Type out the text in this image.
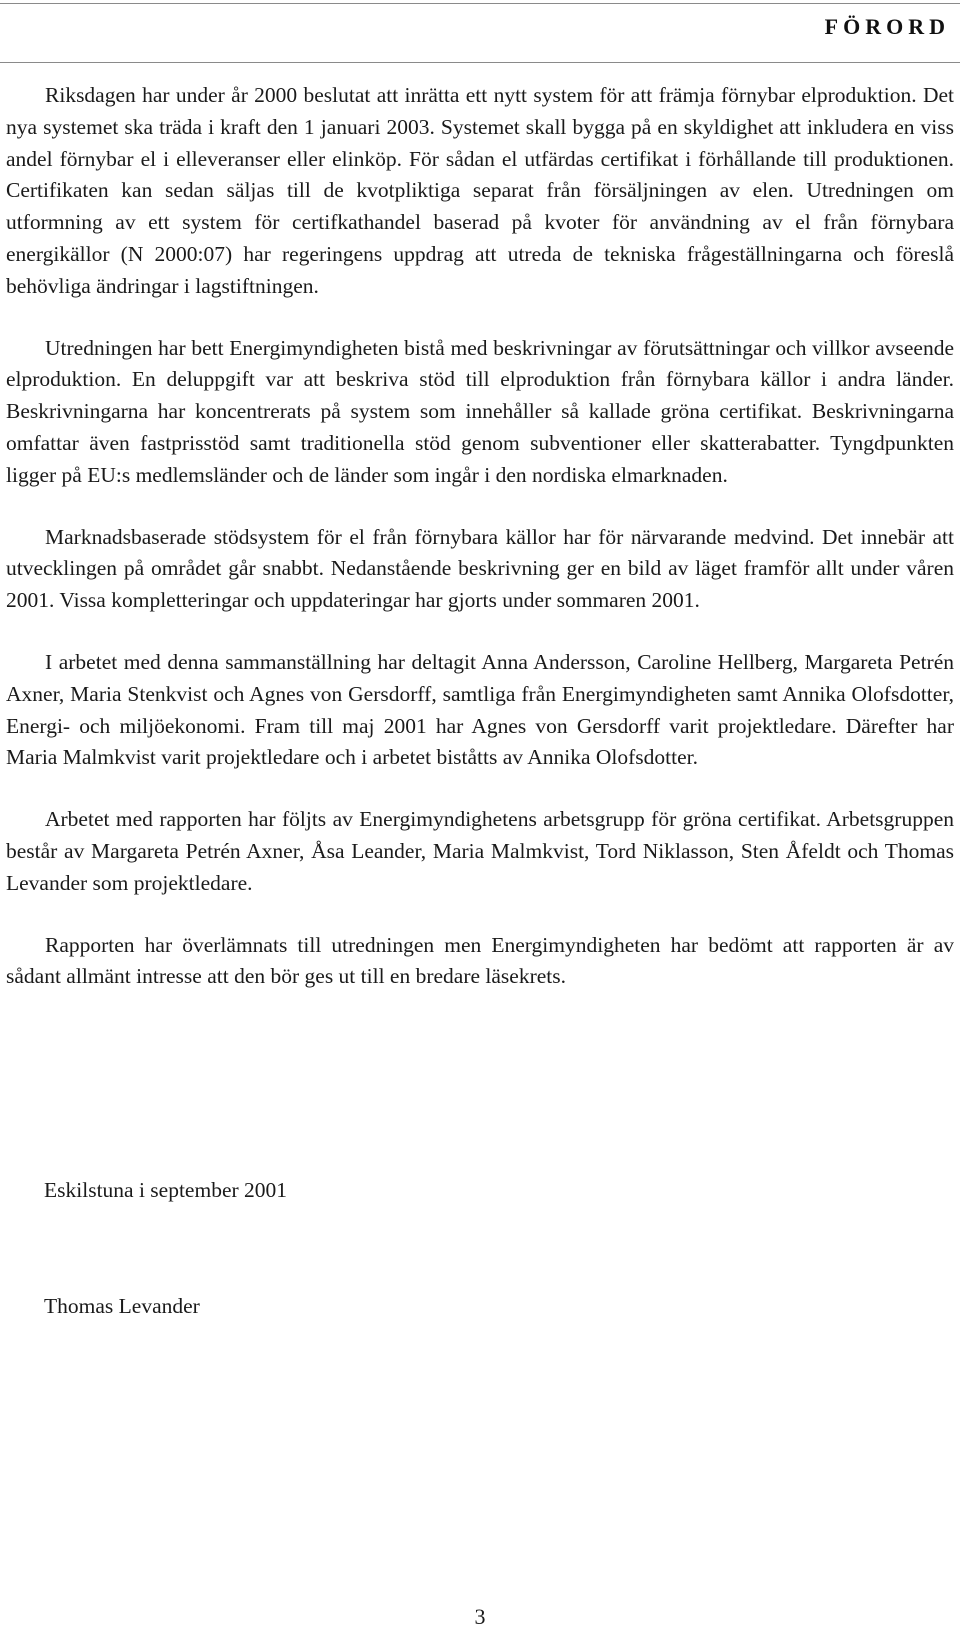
FÖRORD

Riksdagen har under år 2000 beslutat att inrätta ett nytt system för att främja förnybar elproduktion. Det nya systemet ska träda i kraft den 1 januari 2003. Systemet skall bygga på en skyldighet att inkludera en viss andel förnybar el i elleveranser eller elinköp. För sådan el utfärdas certifikat i förhållande till produktionen. Certifikaten kan sedan säljas till de kvotpliktiga separat från försäljningen av elen. Utredningen om utformning av ett system för certifkathandel baserad på kvoter för användning av el från förnybara energikällor (N 2000:07) har regeringens uppdrag att utreda de tekniska frågeställningarna och föreslå behövliga ändringar i lagstiftningen.

Utredningen har bett Energimyndigheten bistå med beskrivningar av förutsättningar och villkor avseende elproduktion. En deluppgift var att beskriva stöd till elproduktion från förnybara källor i andra länder. Beskrivningarna har koncentrerats på system som innehåller så kallade gröna certifikat. Beskrivningarna omfattar även fastprisstöd samt traditionella stöd genom subventioner eller skatterabatter. Tyngdpunkten ligger på EU:s medlemsländer och de länder som ingår i den nordiska elmarknaden.

Marknadsbaserade stödsystem för el från förnybara källor har för närvarande medvind. Det innebär att utvecklingen på området går snabbt. Nedanstående beskrivning ger en bild av läget framför allt under våren 2001. Vissa kompletteringar och uppdateringar har gjorts under sommaren 2001.

I arbetet med denna sammanställning har deltagit Anna Andersson, Caroline Hellberg, Margareta Petrén Axner, Maria Stenkvist och Agnes von Gersdorff, samtliga från Energimyndigheten samt Annika Olofsdotter, Energi- och miljöekonomi. Fram till maj 2001 har Agnes von Gersdorff varit projektledare. Därefter har Maria Malmkvist varit projektledare och i arbetet biståtts av Annika Olofsdotter.

Arbetet med rapporten har följts av Energimyndighetens arbetsgrupp för gröna certifikat. Arbetsgruppen består av Margareta Petrén Axner, Åsa Leander, Maria Malmkvist, Tord Niklasson, Sten Åfeldt och Thomas Levander som projektledare.

Rapporten har överlämnats till utredningen men Energimyndigheten har bedömt att rapporten är av sådant allmänt intresse att den bör ges ut till en bredare läsekrets.

Eskilstuna i september 2001

Thomas Levander

3
